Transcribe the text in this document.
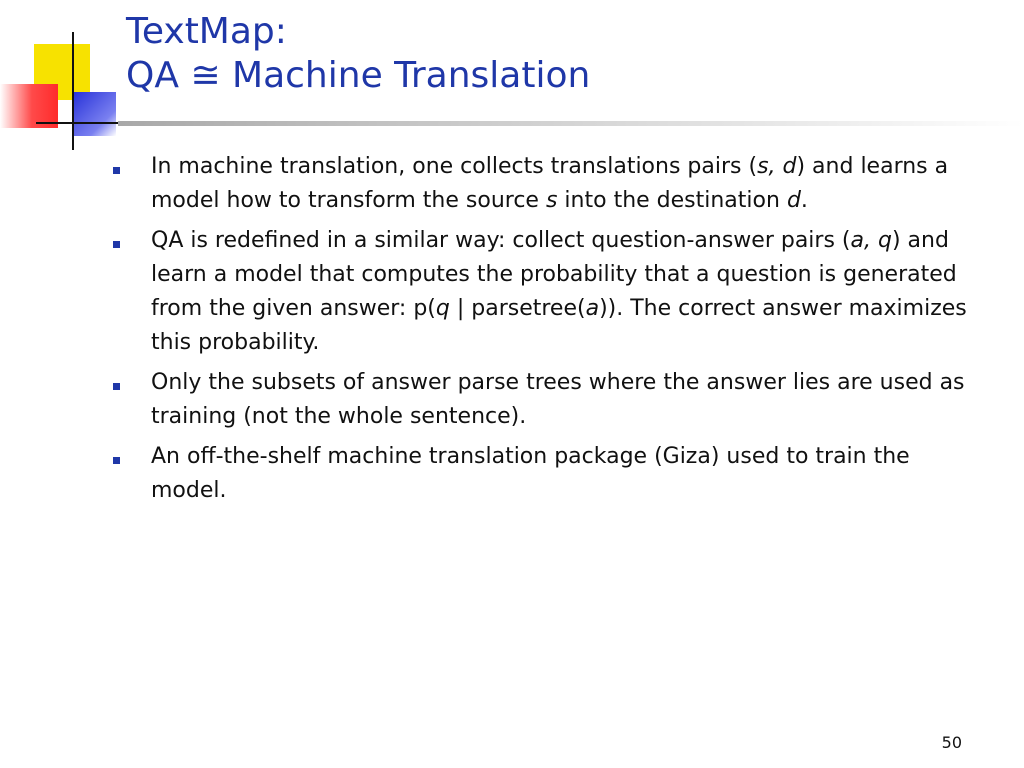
TextMap:
QA ≅ Machine Translation
In machine translation, one collects translations pairs (s, d) and learns a model how to transform the source s into the destination d.
QA is redefined in a similar way: collect question-answer pairs (a, q) and learn a model that computes the probability that a question is generated from the given answer: p(q | parsetree(a)). The correct answer maximizes this probability.
Only the subsets of answer parse trees where the answer lies are used as training (not the whole sentence).
An off-the-shelf machine translation package (Giza) used to train the model.
50
